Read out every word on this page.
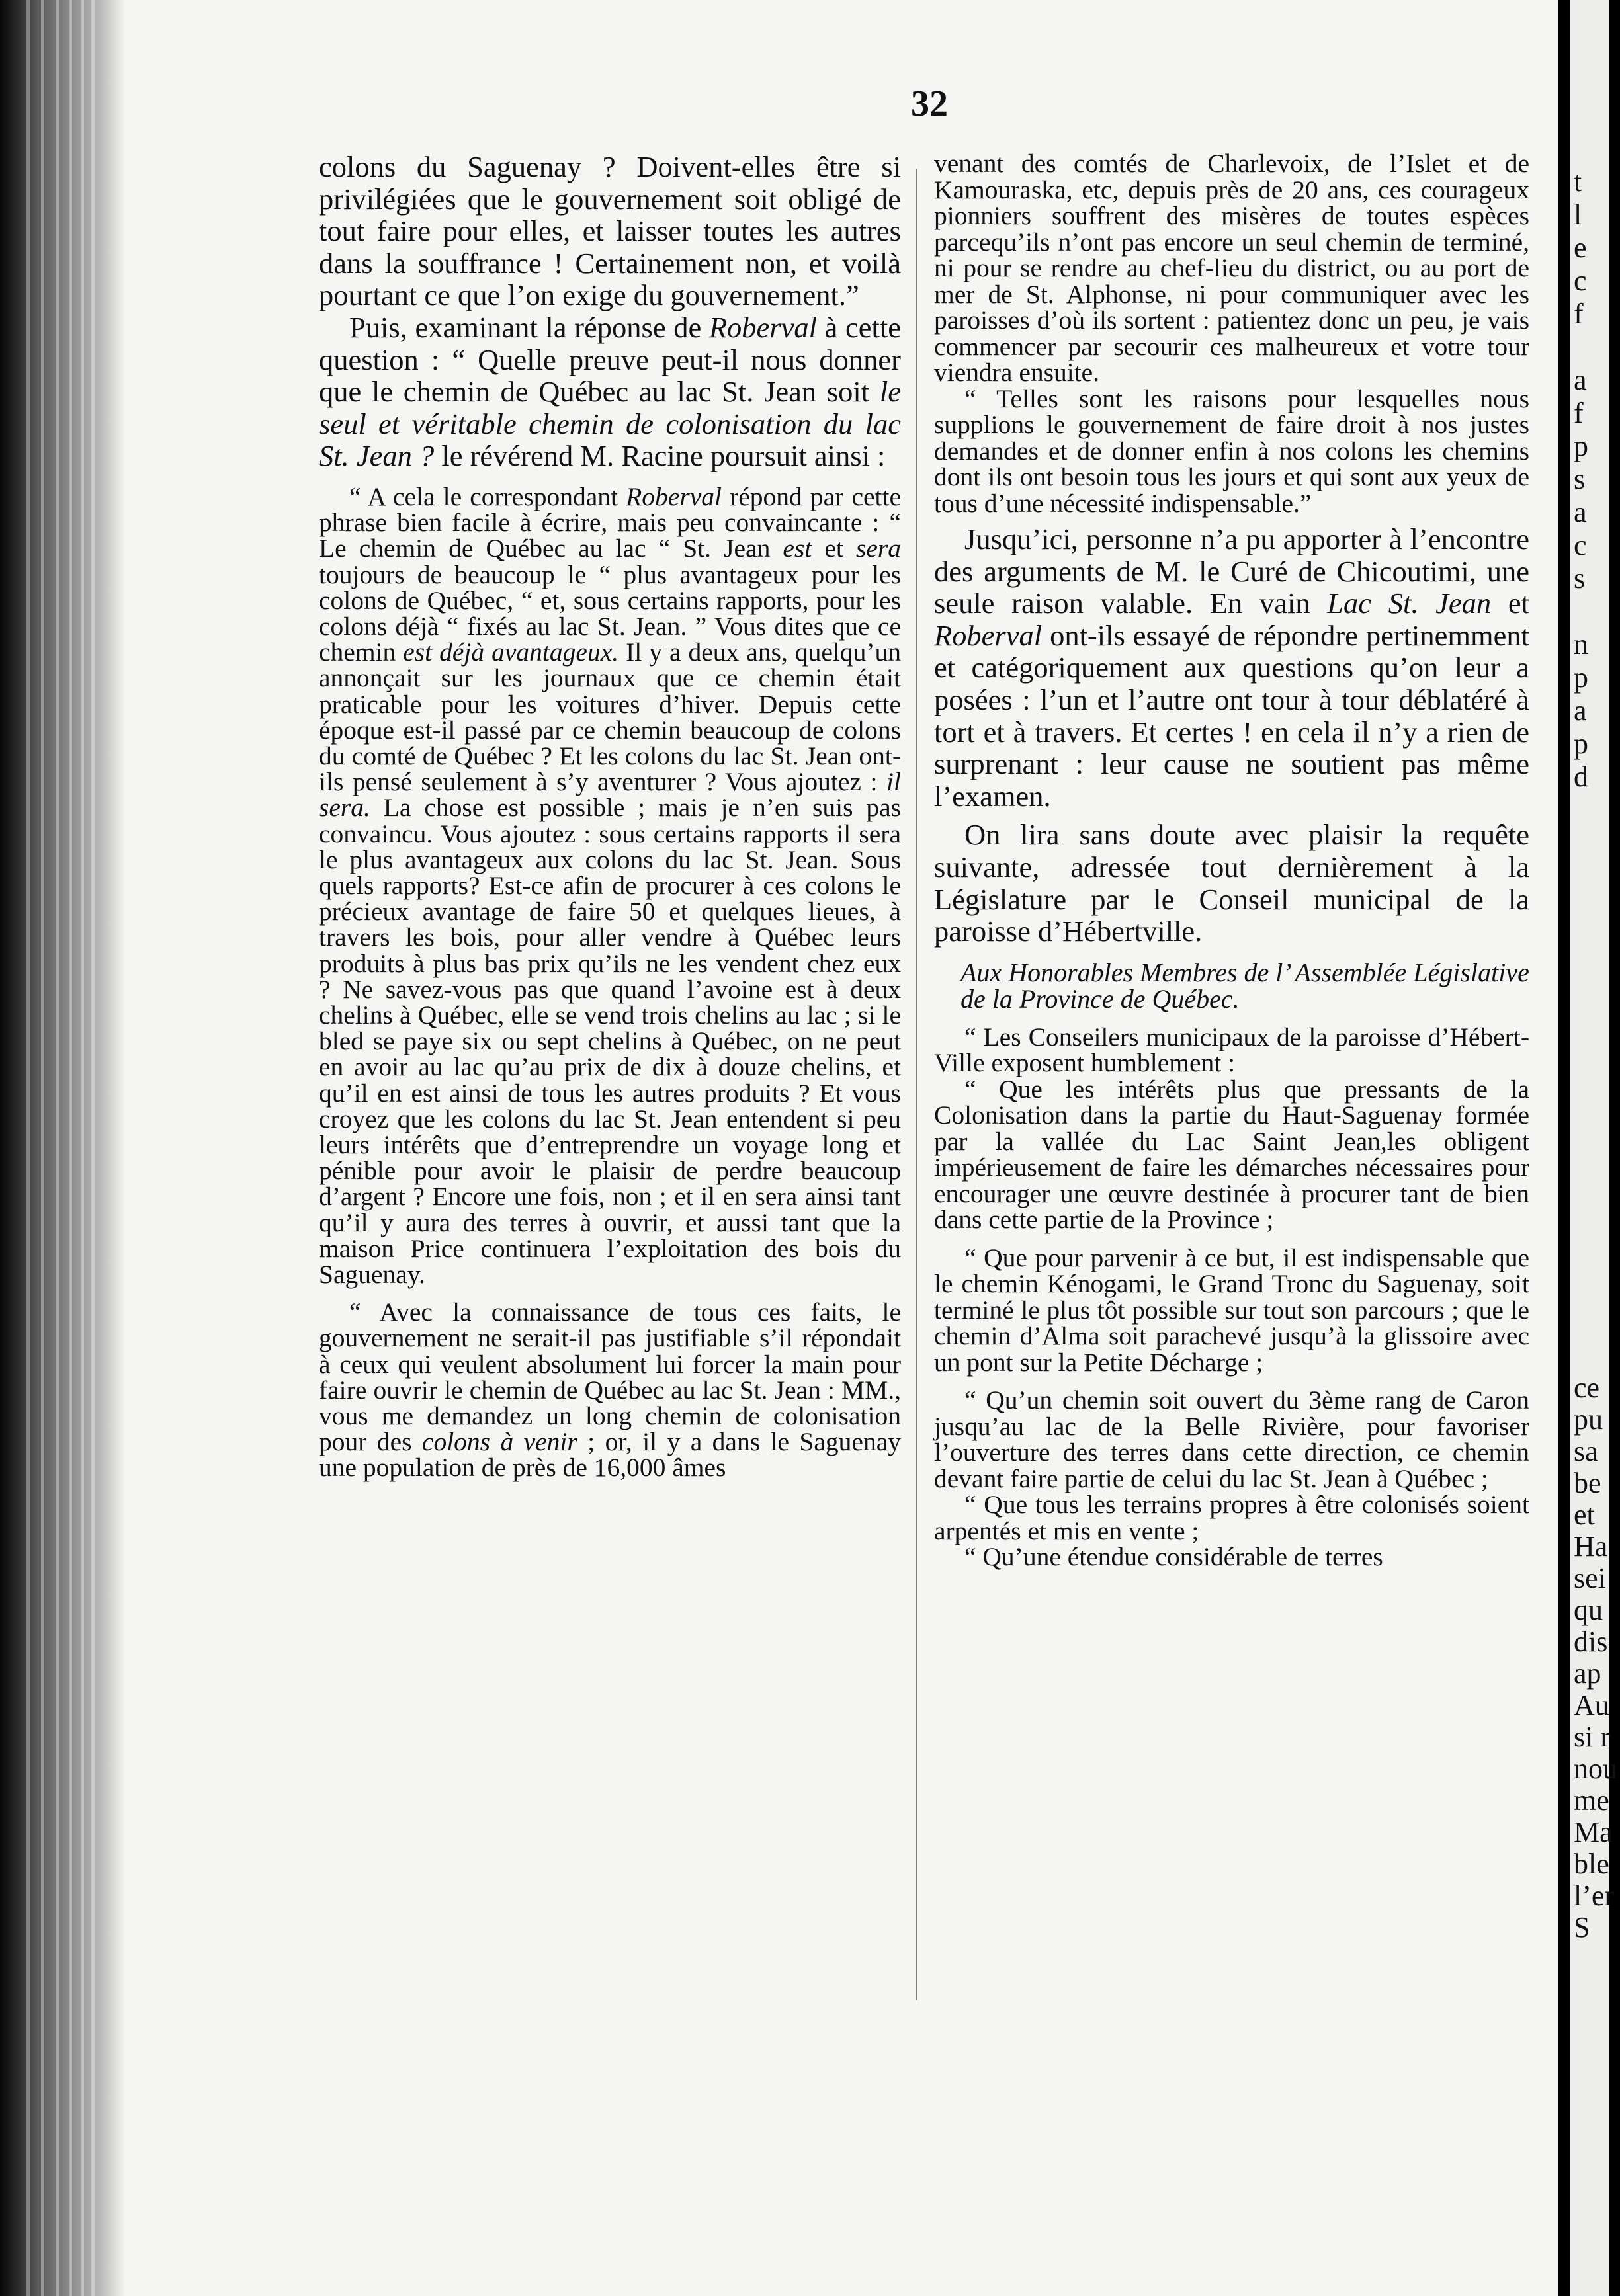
32

colons du Saguenay ? Doivent-elles être si privilégiées que le gouvernement soit obligé de tout faire pour elles, et laisser toutes les autres dans la souffrance ! Certainement non, et voilà pourtant ce que l’on exige du gouvernement.”

Puis, examinant la réponse de Roberval à cette question : “ Quelle preuve peut-il nous donner que le chemin de Québec au lac St. Jean soit le seul et véritable chemin de colonisation du lac St. Jean ? le révérend M. Racine poursuit ainsi :

“ A cela le correspondant Roberval répond par cette phrase bien facile à écrire, mais peu convaincante : “ Le chemin de Québec au lac “ St. Jean est et sera toujours de beaucoup le “ plus avantageux pour les colons de Québec, “ et, sous certains rapports, pour les colons déjà “ fixés au lac St. Jean. ” Vous dites que ce chemin est déjà avantageux. Il y a deux ans, quelqu’un annonçait sur les journaux que ce chemin était praticable pour les voitures d’hiver. Depuis cette époque est-il passé par ce chemin beaucoup de colons du comté de Québec ? Et les colons du lac St. Jean ont-ils pensé seulement à s’y aventurer ? Vous ajoutez : il sera. La chose est possible ; mais je n’en suis pas convaincu. Vous ajoutez : sous certains rapports il sera le plus avantageux aux colons du lac St. Jean. Sous quels rapports? Est-ce afin de procurer à ces colons le précieux avantage de faire 50 et quelques lieues, à travers les bois, pour aller vendre à Québec leurs produits à plus bas prix qu’ils ne les vendent chez eux ? Ne savez-vous pas que quand l’avoine est à deux chelins à Québec, elle se vend trois chelins au lac ; si le bled se paye six ou sept chelins à Québec, on ne peut en avoir au lac qu’au prix de dix à douze chelins, et qu’il en est ainsi de tous les autres produits ? Et vous croyez que les colons du lac St. Jean entendent si peu leurs intérêts que d’entreprendre un voyage long et pénible pour avoir le plaisir de perdre beaucoup d’argent ? Encore une fois, non ; et il en sera ainsi tant qu’il y aura des terres à ouvrir, et aussi tant que la maison Price continuera l’exploitation des bois du Saguenay.

“ Avec la connaissance de tous ces faits, le gouvernement ne serait-il pas justifiable s’il répondait à ceux qui veulent absolument lui forcer la main pour faire ouvrir le chemin de Québec au lac St. Jean : MM., vous me demandez un long chemin de colonisation pour des colons à venir ; or, il y a dans le Saguenay une population de près de 16,000 âmes

venant des comtés de Charlevoix, de l’Islet et de Kamouraska, etc, depuis près de 20 ans, ces courageux pionniers souffrent des misères de toutes espèces parcequ’ils n’ont pas encore un seul chemin de terminé, ni pour se rendre au chef-lieu du district, ou au port de mer de St. Alphonse, ni pour communiquer avec les paroisses d’où ils sortent : patientez donc un peu, je vais commencer par secourir ces malheureux et votre tour viendra ensuite.

“ Telles sont les raisons pour lesquelles nous supplions le gouvernement de faire droit à nos justes demandes et de donner enfin à nos colons les chemins dont ils ont besoin tous les jours et qui sont aux yeux de tous d’une nécessité indispensable.”

Jusqu’ici, personne n’a pu apporter à l’encontre des arguments de M. le Curé de Chicoutimi, une seule raison valable. En vain Lac St. Jean et Roberval ont-ils essayé de répondre pertinemment et catégoriquement aux questions qu’on leur a posées : l’un et l’autre ont tour à tour déblatéré à tort et à travers. Et certes ! en cela il n’y a rien de surprenant : leur cause ne soutient pas même l’examen.

On lira sans doute avec plaisir la requête suivante, adressée tout dernièrement à la Législature par le Conseil municipal de la paroisse d’Hébertville.

Aux Honorables Membres de l’ Assemblée Législative de la Province de Québec.

“ Les Conseilers municipaux de la paroisse d’Hébert-Ville exposent humblement :

“ Que les intérêts plus que pressants de la Colonisation dans la partie du Haut-Saguenay formée par la vallée du Lac Saint Jean,les obligent impérieusement de faire les démarches nécessaires pour encourager une œuvre destinée à procurer tant de bien dans cette partie de la Province ;

“ Que pour parvenir à ce but, il est indispensable que le chemin Kénogami, le Grand Tronc du Saguenay, soit terminé le plus tôt possible sur tout son parcours ; que le chemin d’Alma soit parachevé jusqu’à la glissoire avec un pont sur la Petite Décharge ;

“ Qu’un chemin soit ouvert du 3ème rang de Caron jusqu’au lac de la Belle Rivière, pour favoriser l’ouverture des terres dans cette direction, ce chemin devant faire partie de celui du lac St. Jean à Québec ;

“ Que tous les terrains propres à être colonisés soient arpentés et mis en vente ;

“ Qu’une étendue considérable de terres

t
l
e
c
f

a
f
p
s
a
c
s

n
p
a
p
d
ce
pu
sa
be
et
Ha
sei
qu
dis
ap
Au
si r
nou
me
Ma
ble
l’er
S
